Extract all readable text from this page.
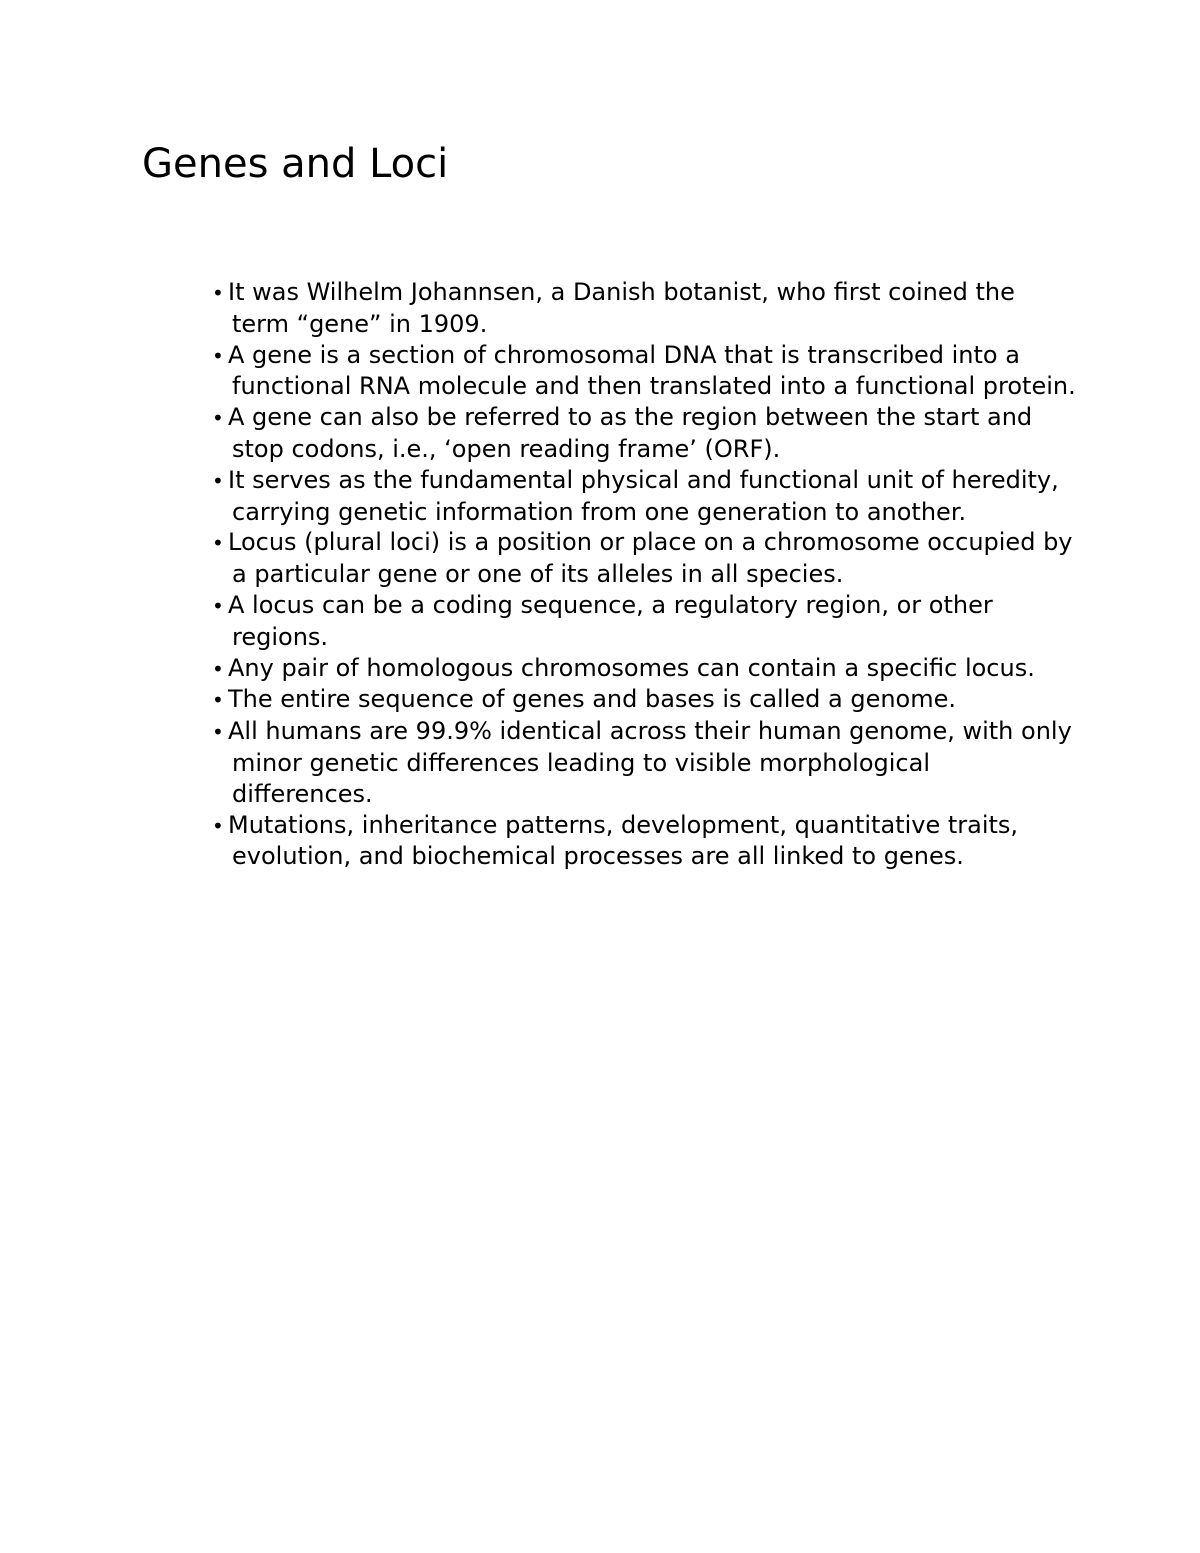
Genes and Loci
• It was Wilhelm Johannsen, a Danish botanist, who first coined the term “gene” in 1909.
• A gene is a section of chromosomal DNA that is transcribed into a functional RNA molecule and then translated into a functional protein.
• A gene can also be referred to as the region between the start and stop codons, i.e., ‘open reading frame’ (ORF).
• It serves as the fundamental physical and functional unit of heredity, carrying genetic information from one generation to another.
• Locus (plural loci) is a position or place on a chromosome occupied by a particular gene or one of its alleles in all species.
• A locus can be a coding sequence, a regulatory region, or other regions.
• Any pair of homologous chromosomes can contain a specific locus.
• The entire sequence of genes and bases is called a genome.
• All humans are 99.9% identical across their human genome, with only minor genetic differences leading to visible morphological differences.
• Mutations, inheritance patterns, development, quantitative traits, evolution, and biochemical processes are all linked to genes.
